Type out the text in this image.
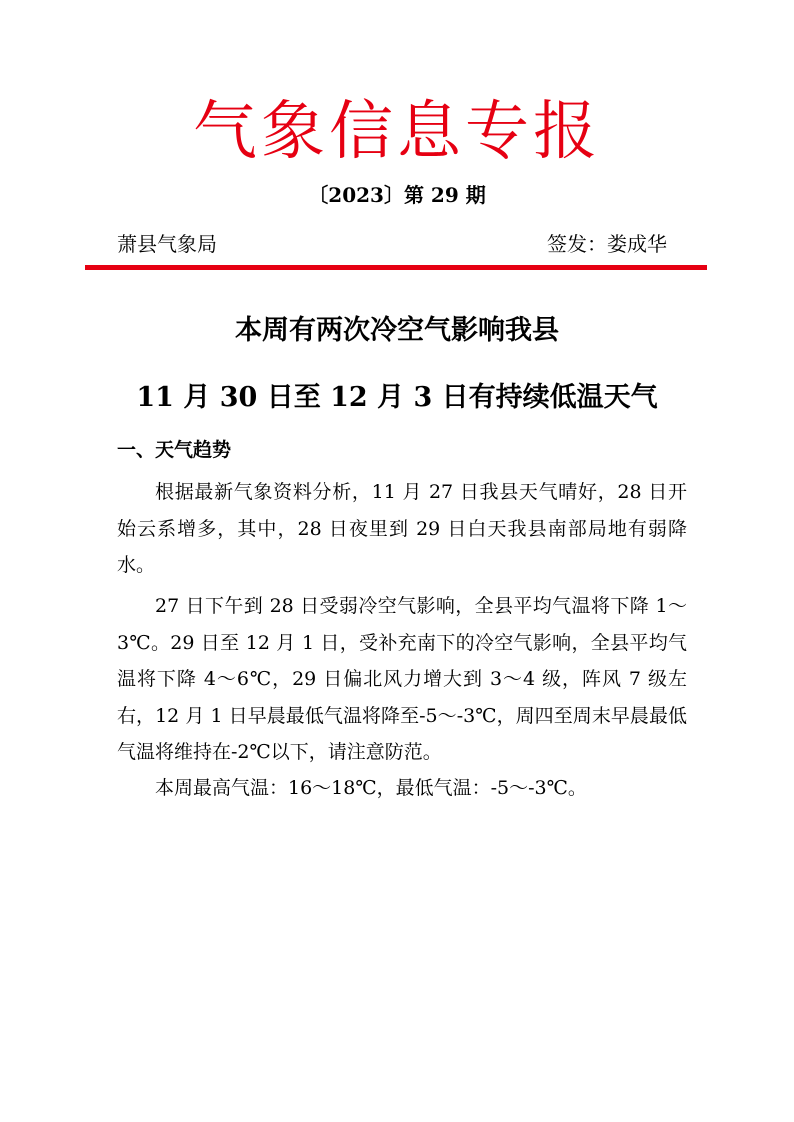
气象信息专报
〔2023〕第 29 期
萧县气象局	签发：娄成华
本周有两次冷空气影响我县
11 月 30 日至 12 月 3 日有持续低温天气
一、天气趋势

根据最新气象资料分析，11 月 27 日我县天气晴好，28 日开始云系增多，其中，28 日夜里到 29 日白天我县南部局地有弱降水。

27 日下午到 28 日受弱冷空气影响，全县平均气温将下降 1～3℃。29 日至 12 月 1 日，受补充南下的冷空气影响，全县平均气温将下降 4～6℃，29 日偏北风力增大到 3～4 级，阵风 7 级左右，12 月 1 日早晨最低气温将降至-5～-3℃，周四至周末早晨最低气温将维持在-2℃以下，请注意防范。

本周最高气温：16～18℃，最低气温：-5～-3℃。
